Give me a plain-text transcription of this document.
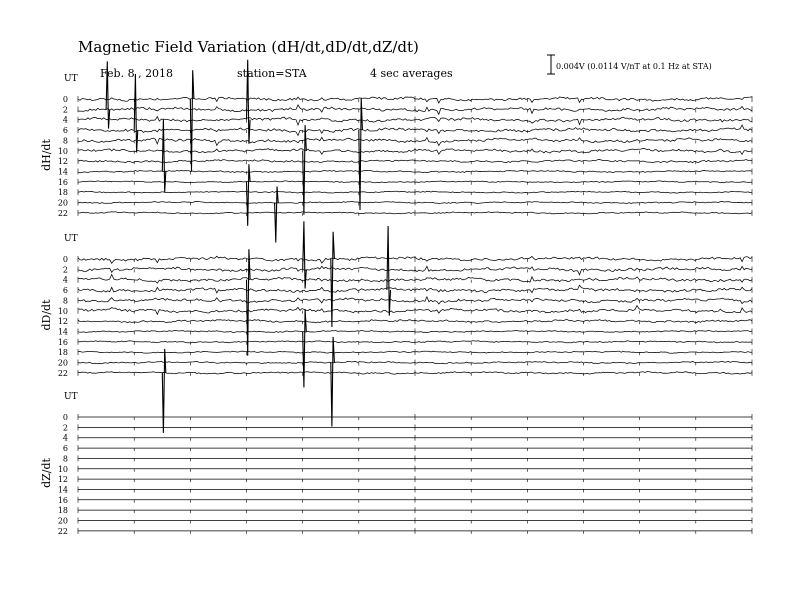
Magnetic Field Variation (dH/dt,dD/dt,dZ/dt)
Feb. 8 , 2018	station=STA	4 sec averages
0.004V (0.0114 V/nT at 0.1 Hz at STA)
UT
dH/dt
0
2
4
6
8
10
12
14
16
18
20
22
UT
dD/dt
0
2
4
6
8
10
12
14
16
18
20
22
UT
dZ/dt
0
2
4
6
8
10
12
14
16
18
20
22
